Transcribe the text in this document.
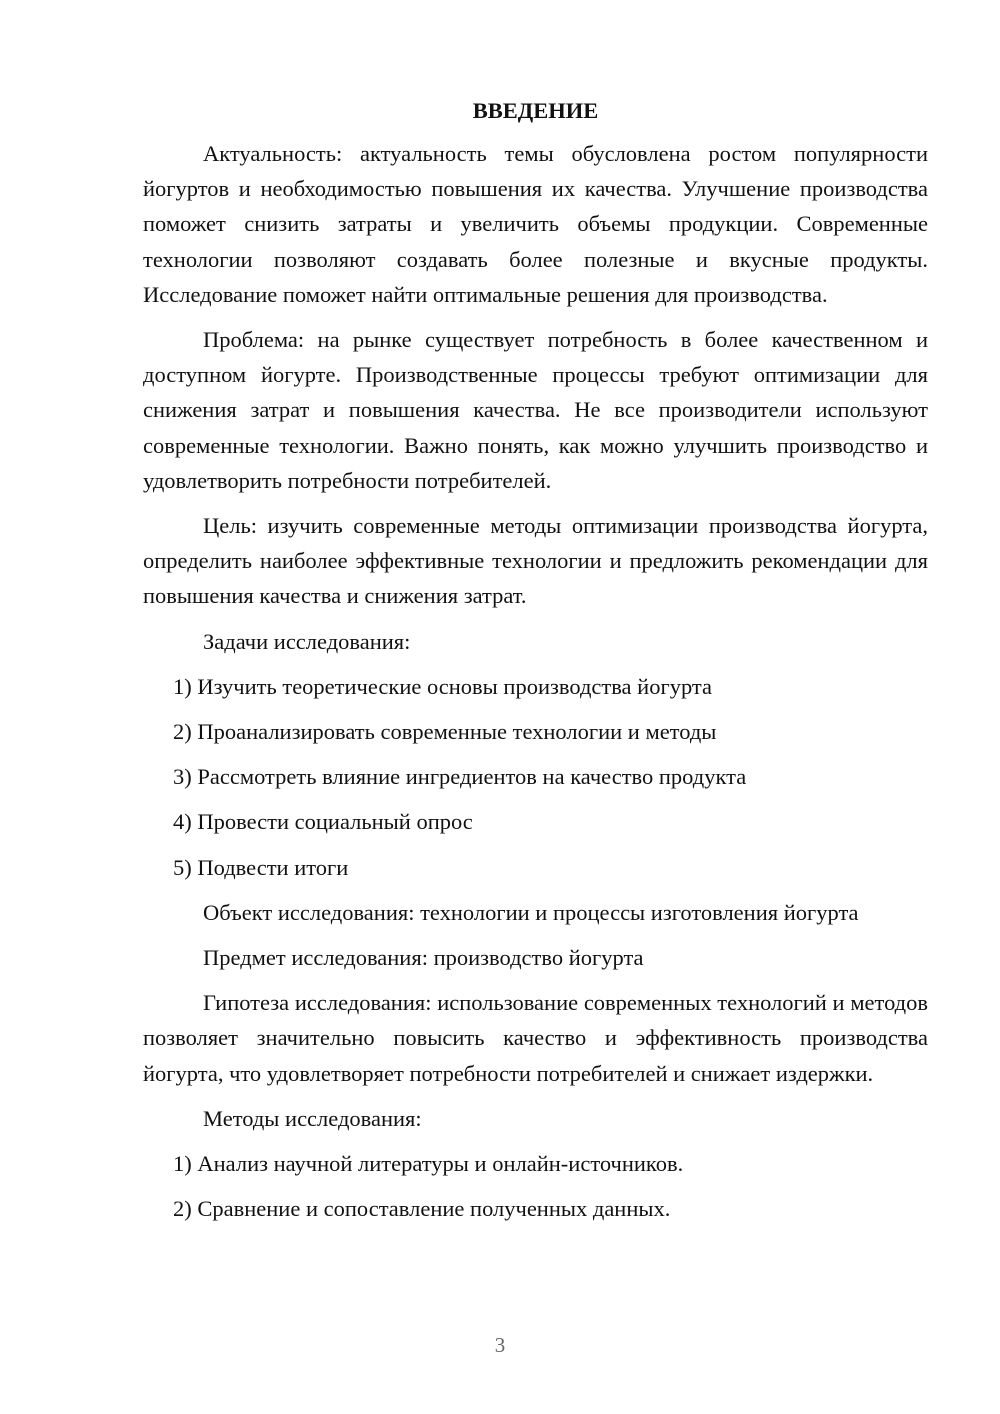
ВВЕДЕНИЕ

Актуальность: актуальность темы обусловлена ростом популярности йогуртов и необходимостью повышения их качества. Улучшение производства поможет снизить затраты и увеличить объемы продукции. Современные технологии позволяют создавать более полезные и вкусные продукты. Исследование поможет найти оптимальные решения для производства.

Проблема: на рынке существует потребность в более качественном и доступном йогурте. Производственные процессы требуют оптимизации для снижения затрат и повышения качества. Не все производители используют современные технологии. Важно понять, как можно улучшить производство и удовлетворить потребности потребителей.

Цель: изучить современные методы оптимизации производства йогурта, определить наиболее эффективные технологии и предложить рекомендации для повышения качества и снижения затрат.

Задачи исследования:

1) Изучить теоретические основы производства йогурта

2) Проанализировать современные технологии и методы

3) Рассмотреть влияние ингредиентов на качество продукта

4) Провести социальный опрос

5) Подвести итоги

Объект исследования: технологии и процессы изготовления йогурта

Предмет исследования: производство йогурта

Гипотеза исследования: использование современных технологий и методов позволяет значительно повысить качество и эффективность производства йогурта, что удовлетворяет потребности потребителей и снижает издержки.

Методы исследования:

1) Анализ научной литературы и онлайн-источников.

2) Сравнение и сопоставление полученных данных.

3
